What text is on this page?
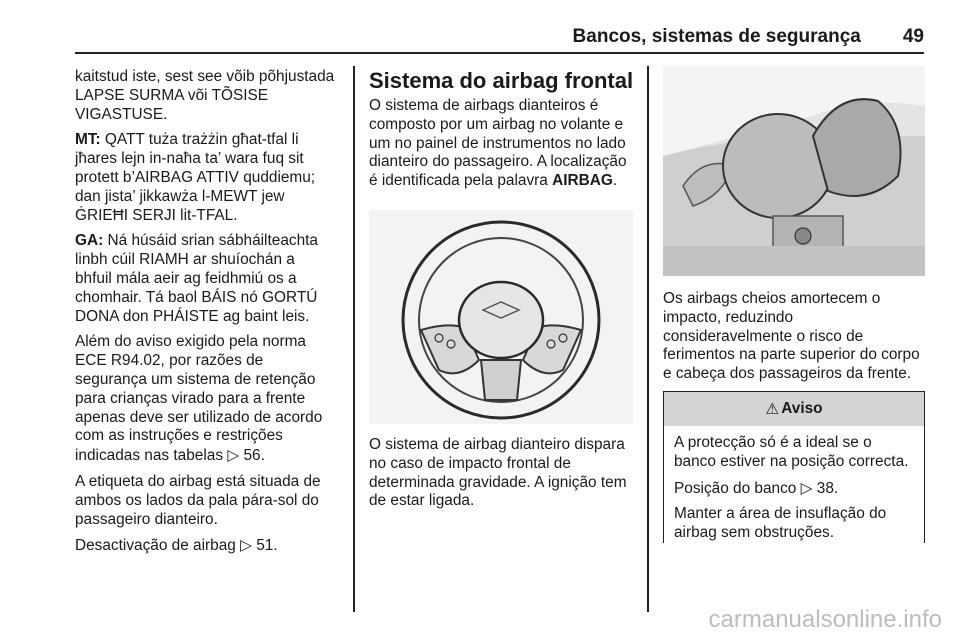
Bancos, sistemas de segurança 49

kaitstud iste, sest see võib põhjustada LAPSE SURMA või TÕSISE VIGASTUSE.

MT: QATT tuża trażżin għat-tfal li jħares lejn in-naħa ta’ wara fuq sit protett b’AIRBAG ATTIV quddiemu; dan jista’ jikkawża l-MEWT jew ĠRIEĦI SERJI lit-TFAL.

GA: Ná húsáid srian sábháilteachta linbh cúil RIAMH ar shuíochán a bhfuil mála aeir ag feidhmiú os a chomhair. Tá baol BÁIS nó GORTÚ DONA don PHÁISTE ag baint leis.

Além do aviso exigido pela norma ECE R94.02, por razões de segurança um sistema de retenção para crianças virado para a frente apenas deve ser utilizado de acordo com as instruções e restrições indicadas nas tabelas ▷ 56.

A etiqueta do airbag está situada de ambos os lados da pala pára-sol do passageiro dianteiro.

Desactivação de airbag ▷ 51.

Sistema do airbag frontal

O sistema de airbags dianteiros é composto por um airbag no volante e um no painel de instrumentos no lado dianteiro do passageiro. A localização é identificada pela palavra AIRBAG.

O sistema de airbag dianteiro dispara no caso de impacto frontal de determinada gravidade. A ignição tem de estar ligada.

Os airbags cheios amortecem o impacto, reduzindo consideravelmente o risco de ferimentos na parte superior do corpo e cabeça dos passageiros da frente.

⚠ Aviso

A protecção só é a ideal se o banco estiver na posição correcta.

Posição do banco ▷ 38.

Manter a área de insuflação do airbag sem obstruções.

carmanualsonline.info
